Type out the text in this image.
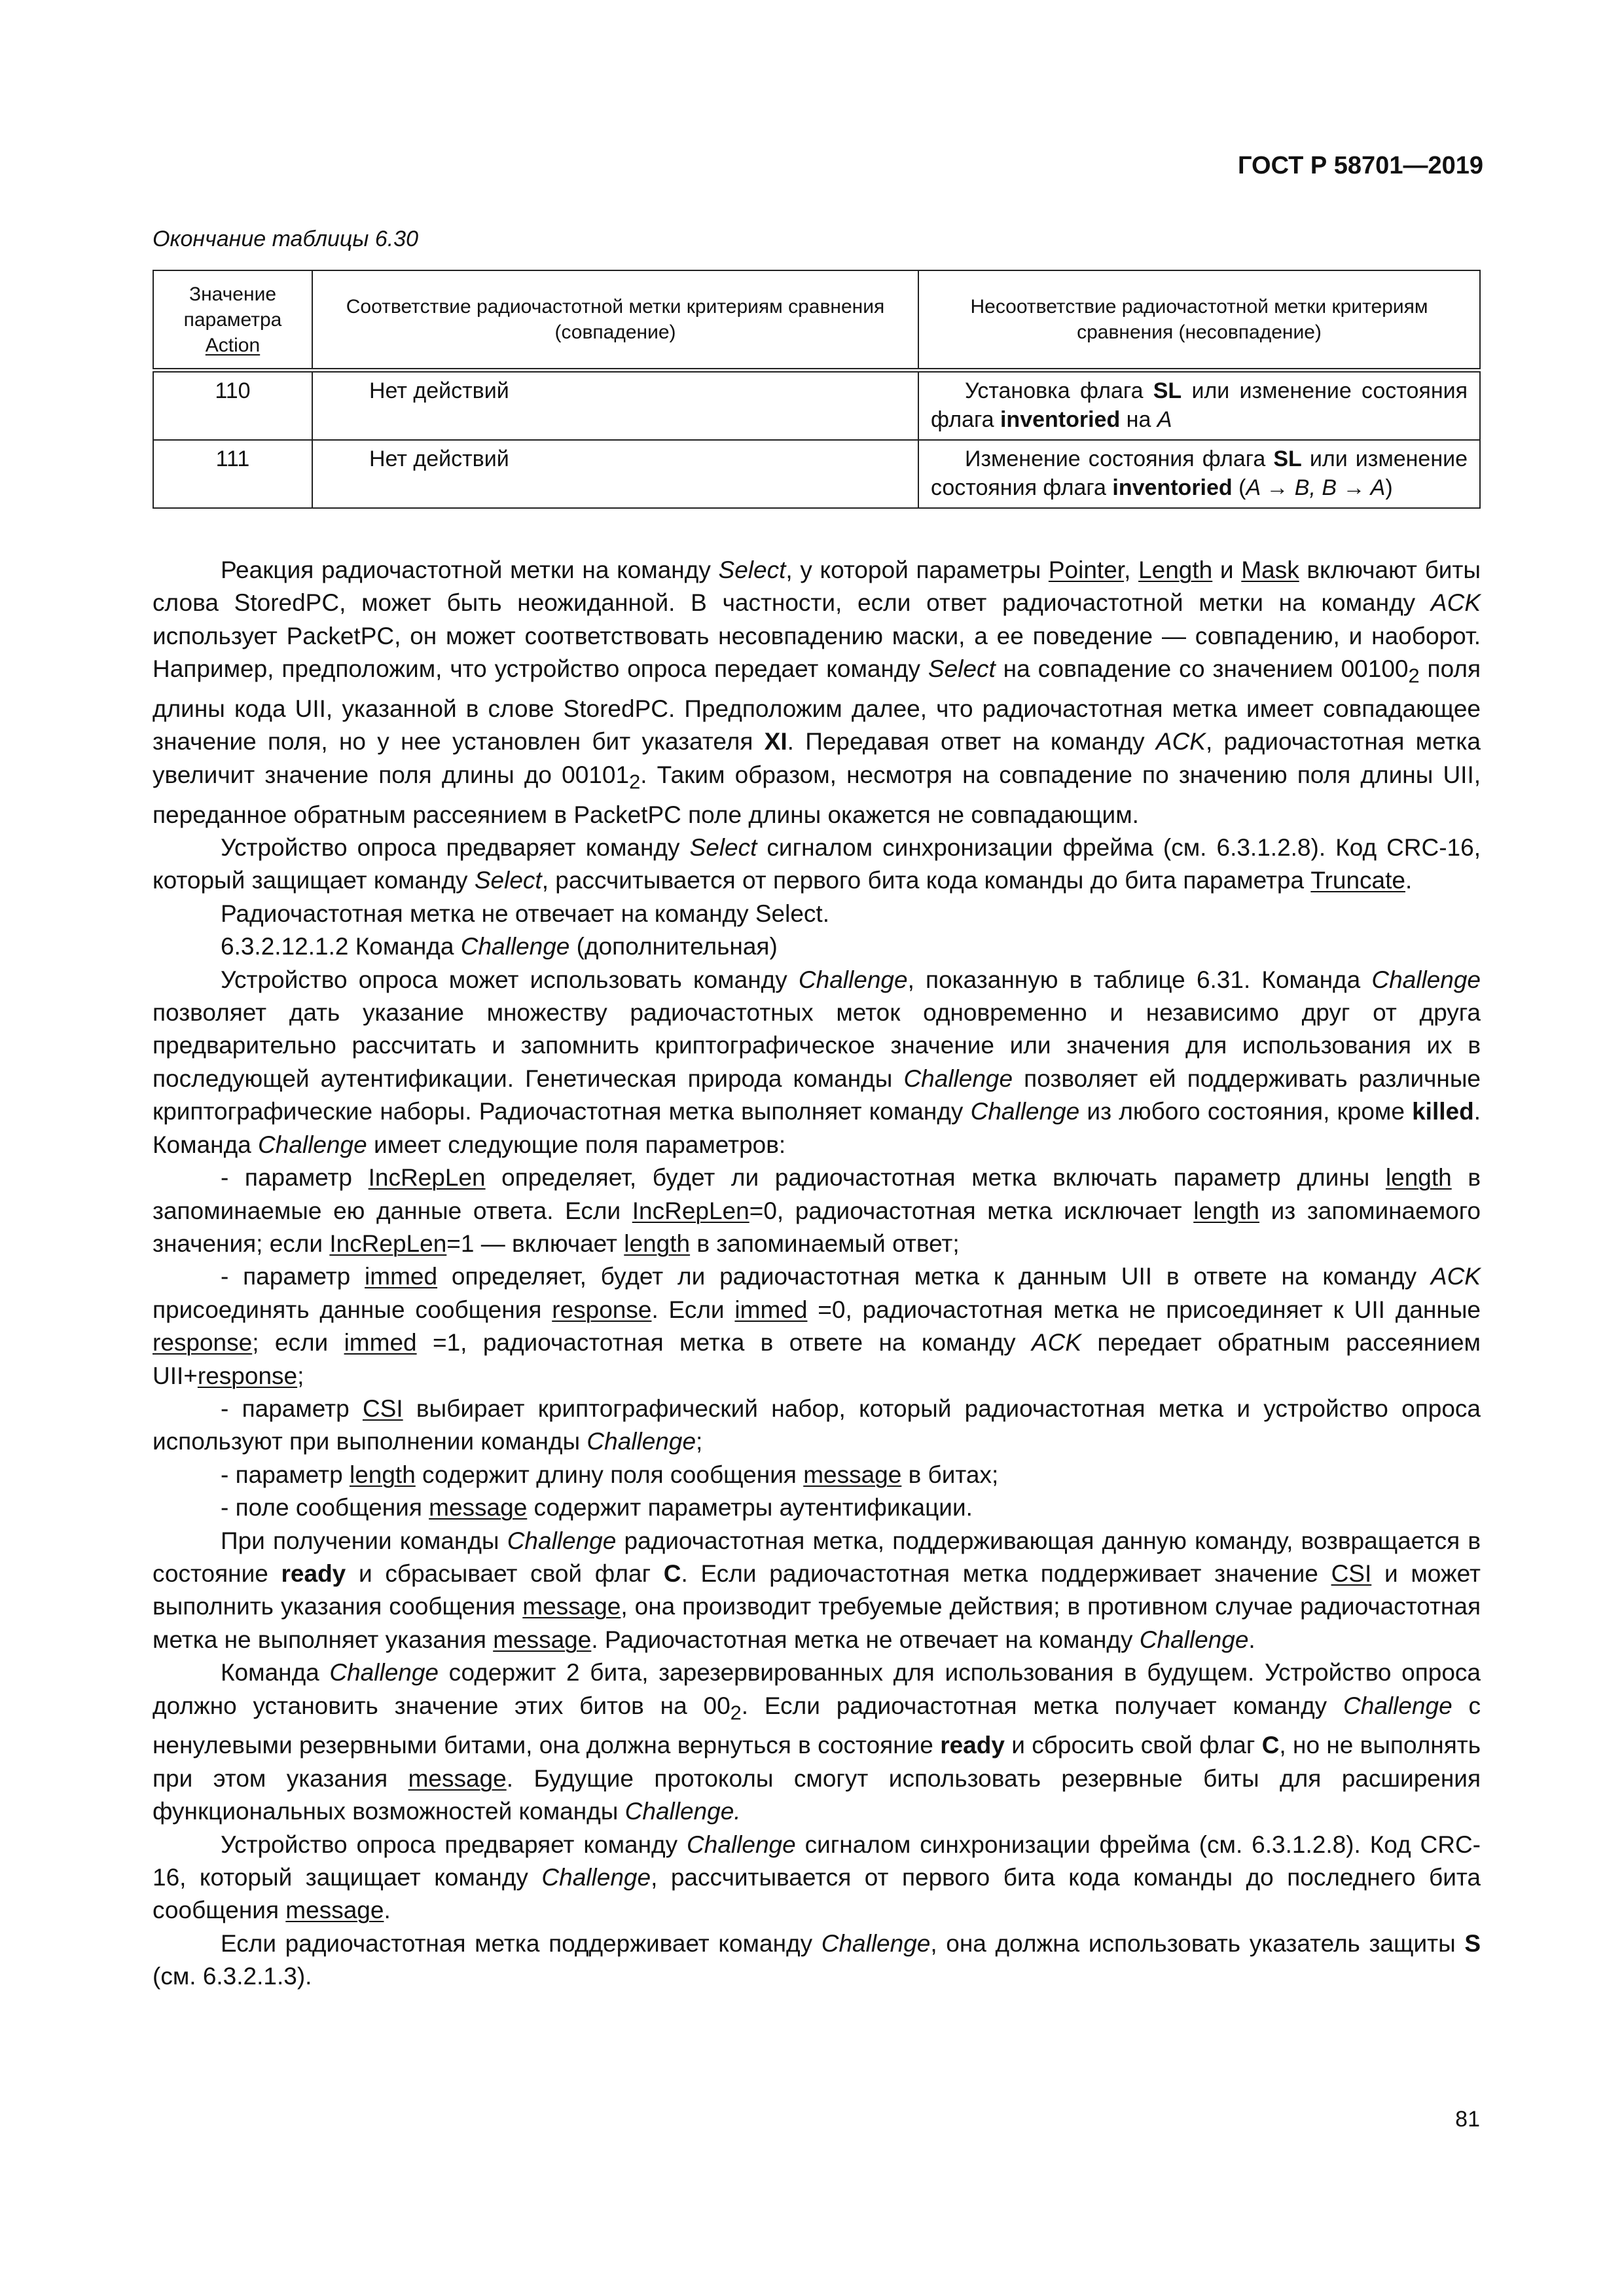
ГОСТ Р 58701—2019
Окончание таблицы 6.30
Значение
параметра
Action	Соответствие радиочастотной метки критериям сравнения (совпадение)	Несоответствие радиочастотной метки критериям сравнения (несовпадение)
110	Нет действий	Установка флага SL или изменение состояния флага inventoried на A
111	Нет действий	Изменение состояния флага SL или изменение состояния флага inventoried (A → B, B → A)

Реакция радиочастотной метки на команду Select, у которой параметры Pointer, Length и Mask включают биты слова StoredPC, может быть неожиданной. В частности, если ответ радиочастотной метки на команду ACK использует PacketPC, он может соответствовать несовпадению маски, а ее поведение — совпадению, и наоборот. Например, предположим, что устройство опроса передает команду Select на совпадение со значением $00100_2$ поля длины кода UII, указанной в слове StoredPC. Предположим далее, что радиочастотная метка имеет совпадающее значение поля, но у нее установлен бит указателя XI. Передавая ответ на команду ACK, радиочастотная метка увеличит значение поля длины до $00101_2$. Таким образом, несмотря на совпадение по значению поля длины UII, переданное обратным рассеянием в PacketPC поле длины окажется не совпадающим.

Устройство опроса предваряет команду Select сигналом синхронизации фрейма (см. 6.3.1.2.8). Код CRC-16, который защищает команду Select, рассчитывается от первого бита кода команды до бита параметра Truncate.

Радиочастотная метка не отвечает на команду Select.

6.3.2.12.1.2 Команда Challenge (дополнительная)

Устройство опроса может использовать команду Challenge, показанную в таблице 6.31. Команда Challenge позволяет дать указание множеству радиочастотных меток одновременно и независимо друг от друга предварительно рассчитать и запомнить криптографическое значение или значения для использования их в последующей аутентификации. Генетическая природа команды Challenge позволяет ей поддерживать различные криптографические наборы. Радиочастотная метка выполняет команду Challenge из любого состояния, кроме killed. Команда Challenge имеет следующие поля параметров:

- параметр IncRepLen определяет, будет ли радиочастотная метка включать параметр длины length в запоминаемые ею данные ответа. Если IncRepLen=0, радиочастотная метка исключает length из запоминаемого значения; если IncRepLen=1 — включает length в запоминаемый ответ;

- параметр immed определяет, будет ли радиочастотная метка к данным UII в ответе на команду ACK присоединять данные сообщения response. Если immed =0, радиочастотная метка не присоединяет к UII данные response; если immed =1, радиочастотная метка в ответе на команду ACK передает обратным рассеянием UII+response;

- параметр CSI выбирает криптографический набор, который радиочастотная метка и устройство опроса используют при выполнении команды Challenge;

- параметр length содержит длину поля сообщения message в битах;

- поле сообщения message содержит параметры аутентификации.

При получении команды Challenge радиочастотная метка, поддерживающая данную команду, возвращается в состояние ready и сбрасывает свой флаг C. Если радиочастотная метка поддерживает значение CSI и может выполнить указания сообщения message, она производит требуемые действия; в противном случае радиочастотная метка не выполняет указания message. Радиочастотная метка не отвечает на команду Challenge.

Команда Challenge содержит 2 бита, зарезервированных для использования в будущем. Устройство опроса должно установить значение этих битов на $00_2$. Если радиочастотная метка получает команду Challenge с ненулевыми резервными битами, она должна вернуться в состояние ready и сбросить свой флаг C, но не выполнять при этом указания message. Будущие протоколы смогут использовать резервные биты для расширения функциональных возможностей команды Challenge.

Устройство опроса предваряет команду Challenge сигналом синхронизации фрейма (см. 6.3.1.2.8). Код CRC-16, который защищает команду Challenge, рассчитывается от первого бита кода команды до последнего бита сообщения message.

Если радиочастотная метка поддерживает команду Challenge, она должна использовать указатель защиты S (см. 6.3.2.1.3).

81
